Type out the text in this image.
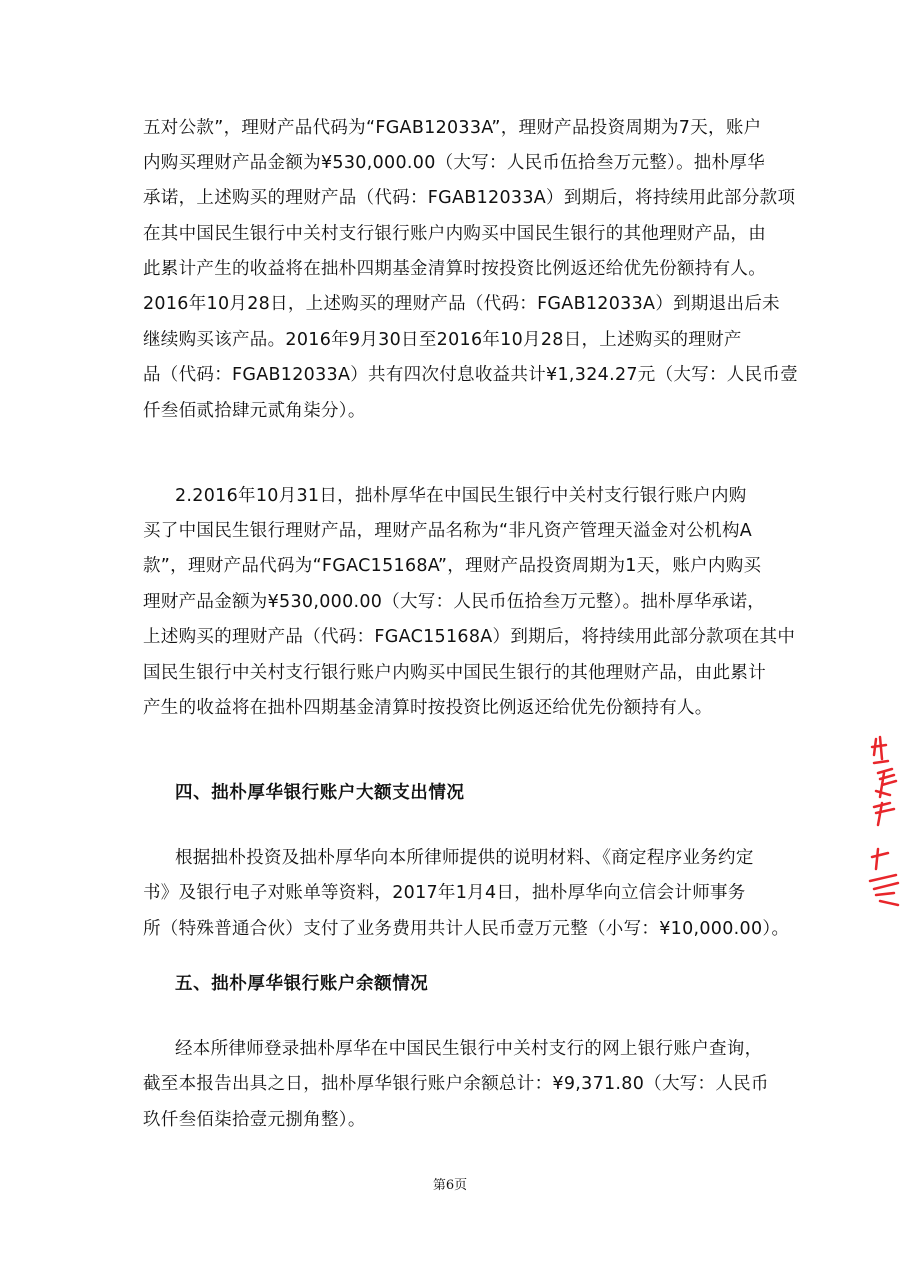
五对公款”，理财产品代码为“FGAB12033A”，理财产品投资周期为7天，账户
内购买理财产品金额为¥530,000.00（大写：人民币伍拾叁万元整）。拙朴厚华
承诺，上述购买的理财产品（代码：FGAB12033A）到期后，将持续用此部分款项
在其中国民生银行中关村支行银行账户内购买中国民生银行的其他理财产品，由
此累计产生的收益将在拙朴四期基金清算时按投资比例返还给优先份额持有人。
2016年10月28日，上述购买的理财产品（代码：FGAB12033A）到期退出后未
继续购买该产品。2016年9月30日至2016年10月28日，上述购买的理财产
品（代码：FGAB12033A）共有四次付息收益共计¥1,324.27元（大写：人民币壹
仟叁佰贰拾肆元贰角柒分）。
2.2016年10月31日，拙朴厚华在中国民生银行中关村支行银行账户内购
买了中国民生银行理财产品，理财产品名称为“非凡资产管理天溢金对公机构A
款”，理财产品代码为“FGAC15168A”，理财产品投资周期为1天，账户内购买
理财产品金额为¥530,000.00（大写：人民币伍拾叁万元整）。拙朴厚华承诺，
上述购买的理财产品（代码：FGAC15168A）到期后，将持续用此部分款项在其中
国民生银行中关村支行银行账户内购买中国民生银行的其他理财产品，由此累计
产生的收益将在拙朴四期基金清算时按投资比例返还给优先份额持有人。
四、拙朴厚华银行账户大额支出情况
根据拙朴投资及拙朴厚华向本所律师提供的说明材料、《商定程序业务约定
书》及银行电子对账单等资料，2017年1月4日，拙朴厚华向立信会计师事务
所（特殊普通合伙）支付了业务费用共计人民币壹万元整（小写：¥10,000.00）。
五、拙朴厚华银行账户余额情况
经本所律师登录拙朴厚华在中国民生银行中关村支行的网上银行账户查询，
截至本报告出具之日，拙朴厚华银行账户余额总计：¥9,371.80（大写：人民币
玖仟叁佰柒拾壹元捌角整）。
第6页
